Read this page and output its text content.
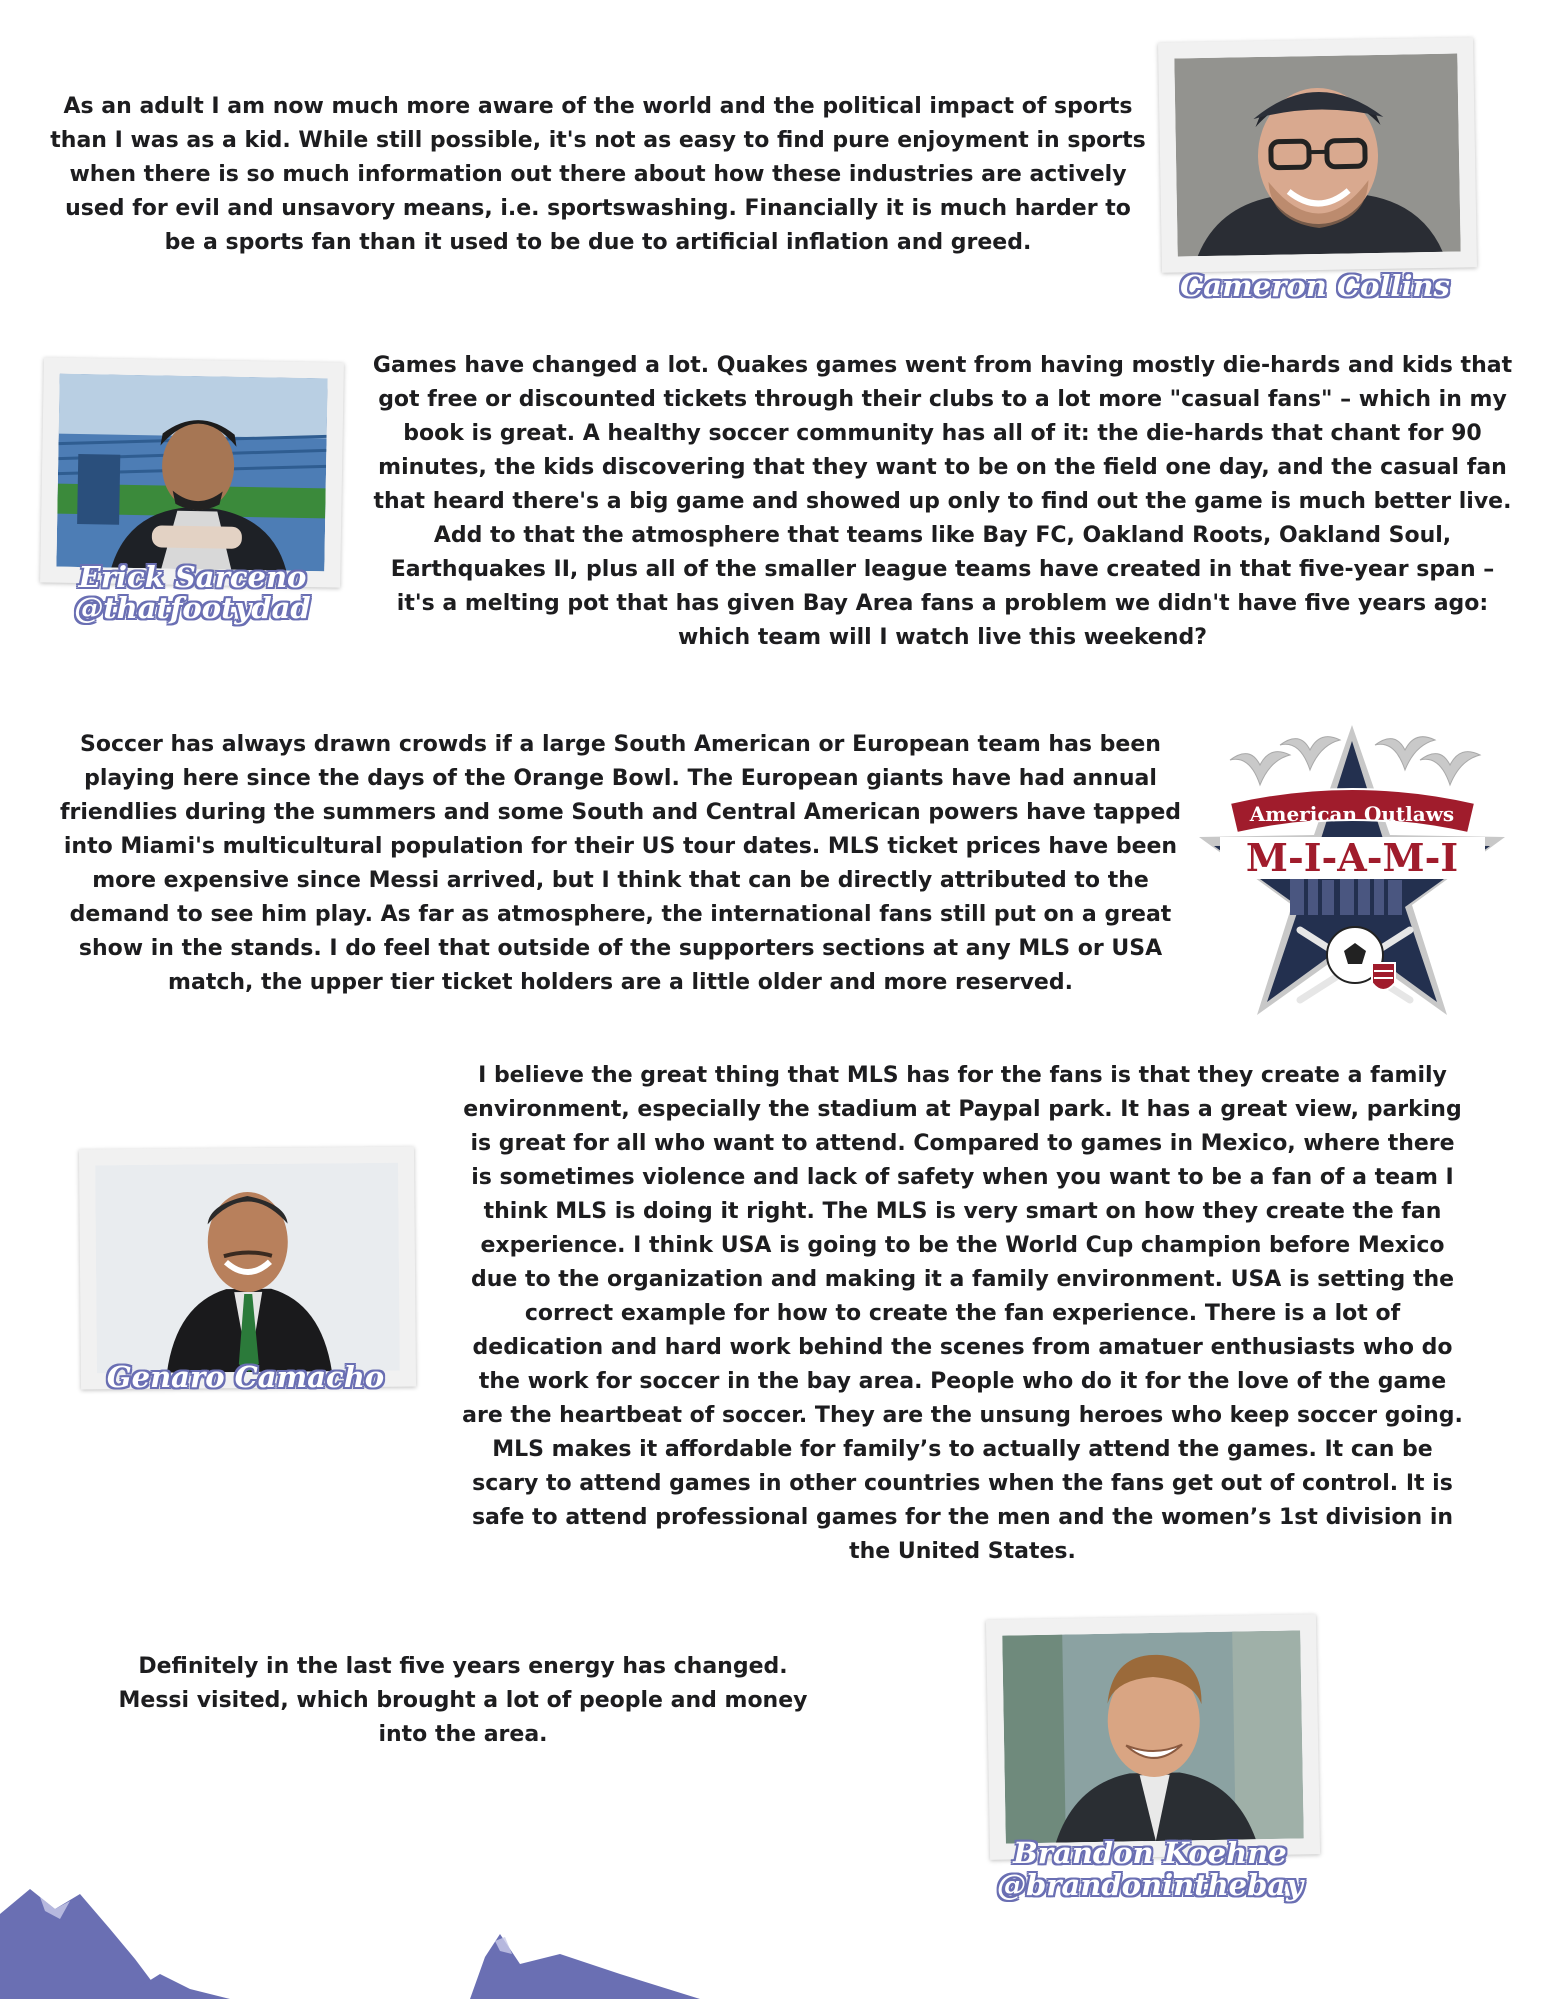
As an adult I am now much more aware of the world and the political impact of sports than I was as a kid. While still possible, it's not as easy to find pure enjoyment in sports when there is so much information out there about how these industries are actively used for evil and unsavory means, i.e. sportswashing. Financially it is much harder to be a sports fan than it used to be due to artificial inflation and greed.

Cameron Collins
Erick Sarceno
@thatfootydad

Games have changed a lot. Quakes games went from having mostly die-hards and kids that got free or discounted tickets through their clubs to a lot more "casual fans" – which in my book is great. A healthy soccer community has all of it: the die-hards that chant for 90 minutes, the kids discovering that they want to be on the field one day, and the casual fan that heard there's a big game and showed up only to find out the game is much better live. Add to that the atmosphere that teams like Bay FC, Oakland Roots, Oakland Soul, Earthquakes II, plus all of the smaller league teams have created in that five-year span – it's a melting pot that has given Bay Area fans a problem we didn't have five years ago: which team will I watch live this weekend?

Soccer has always drawn crowds if a large South American or European team has been playing here since the days of the Orange Bowl. The European giants have had annual friendlies during the summers and some South and Central American powers have tapped into Miami's multicultural population for their US tour dates. MLS ticket prices have been more expensive since Messi arrived, but I think that can be directly attributed to the demand to see him play. As far as atmosphere, the international fans still put on a great show in the stands. I do feel that outside of the supporters sections at any MLS or USA match, the upper tier ticket holders are a little older and more reserved.

American Outlaws
M-I-A-M-I

I believe the great thing that MLS has for the fans is that they create a family environment, especially the stadium at Paypal park. It has a great view, parking is great for all who want to attend. Compared to games in Mexico, where there is sometimes violence and lack of safety when you want to be a fan of a team I think MLS is doing it right. The MLS is very smart on how they create the fan experience. I think USA is going to be the World Cup champion before Mexico due to the organization and making it a family environment. USA is setting the correct example for how to create the fan experience. There is a lot of dedication and hard work behind the scenes from amatuer enthusiasts who do the work for soccer in the bay area. People who do it for the love of the game are the heartbeat of soccer. They are the unsung heroes who keep soccer going. MLS makes it affordable for family’s to actually attend the games. It can be scary to attend games in other countries when the fans get out of control. It is safe to attend professional games for the men and the women’s 1st division in the United States.

Genaro Camacho

Definitely in the last five years energy has changed. Messi visited, which brought a lot of people and money into the area.

Brandon Koehne
@brandoninthebay
